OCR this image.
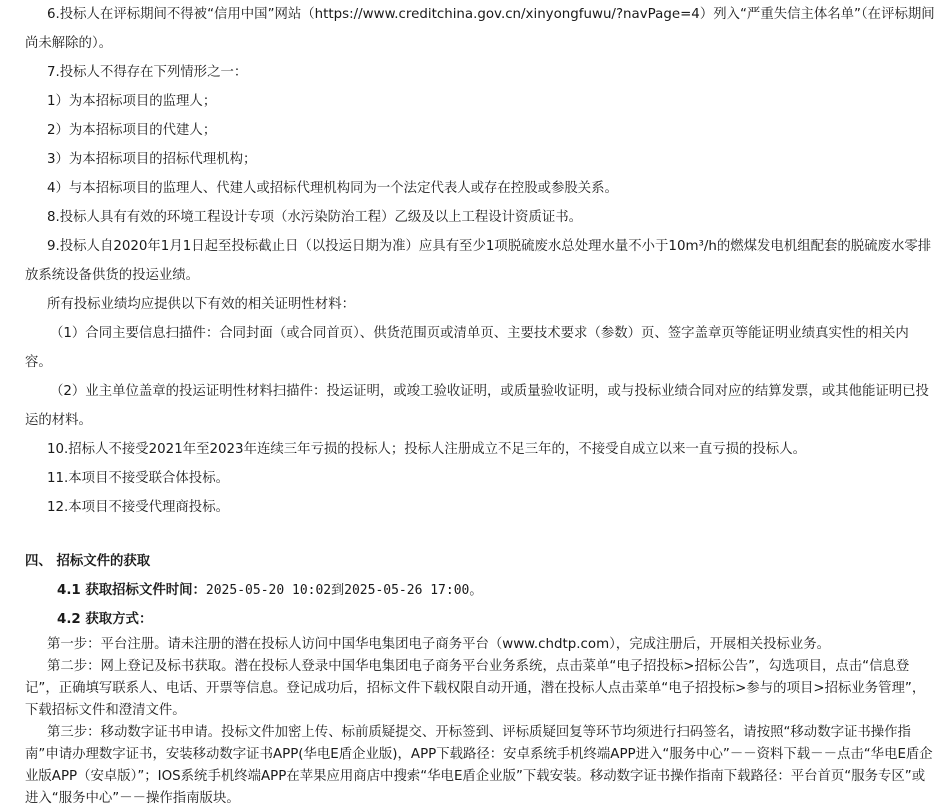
6.投标人在评标期间不得被“信用中国”网站（https://www.creditchina.gov.cn/xinyongfuwu/?navPage=4）列入“严重失信主体名单”（在评标期间尚未解除的）。

7.投标人不得存在下列情形之一：

1）为本招标项目的监理人；

2）为本招标项目的代建人；

3）为本招标项目的招标代理机构；

4）与本招标项目的监理人、代建人或招标代理机构同为一个法定代表人或存在控股或参股关系。

8.投标人具有有效的环境工程设计专项（水污染防治工程）乙级及以上工程设计资质证书。

9.投标人自2020年1月1日起至投标截止日（以投运日期为准）应具有至少1项脱硫废水总处理水量不小于10m³/h的燃煤发电机组配套的脱硫废水零排放系统设备供货的投运业绩。

所有投标业绩均应提供以下有效的相关证明性材料：

（1）合同主要信息扫描件：合同封面（或合同首页）、供货范围页或清单页、主要技术要求（参数）页、签字盖章页等能证明业绩真实性的相关内容。

（2）业主单位盖章的投运证明性材料扫描件：投运证明，或竣工验收证明，或质量验收证明，或与投标业绩合同对应的结算发票，或其他能证明已投运的材料。

10.招标人不接受2021年至2023年连续三年亏损的投标人；投标人注册成立不足三年的，不接受自成立以来一直亏损的投标人。

11.本项目不接受联合体投标。

12.本项目不接受代理商投标。

四、 招标文件的获取
4.1 获取招标文件时间：2025-05-20 10:02到2025-05-26 17:00。
4.2 获取方式：

第一步：平台注册。请未注册的潜在投标人访问中国华电集团电子商务平台（www.chdtp.com），完成注册后，开展相关投标业务。

第二步：网上登记及标书获取。潜在投标人登录中国华电集团电子商务平台业务系统，点击菜单“电子招投标>招标公告”，勾选项目，点击“信息登记”，正确填写联系人、电话、开票等信息。登记成功后，招标文件下载权限自动开通，潜在投标人点击菜单“电子招投标>参与的项目>招标业务管理”，下载招标文件和澄清文件。

第三步：移动数字证书申请。投标文件加密上传、标前质疑提交、开标签到、评标质疑回复等环节均须进行扫码签名，请按照“移动数字证书操作指南”申请办理数字证书，安装移动数字证书APP(华电E盾企业版)，APP下载路径：安卓系统手机终端APP进入“服务中心”－－资料下载－－点击“华电E盾企业版APP（安卓版）”；IOS系统手机终端APP在苹果应用商店中搜索“华电E盾企业版”下载安装。移动数字证书操作指南下载路径：平台首页“服务专区”或进入“服务中心”－－操作指南版块。
